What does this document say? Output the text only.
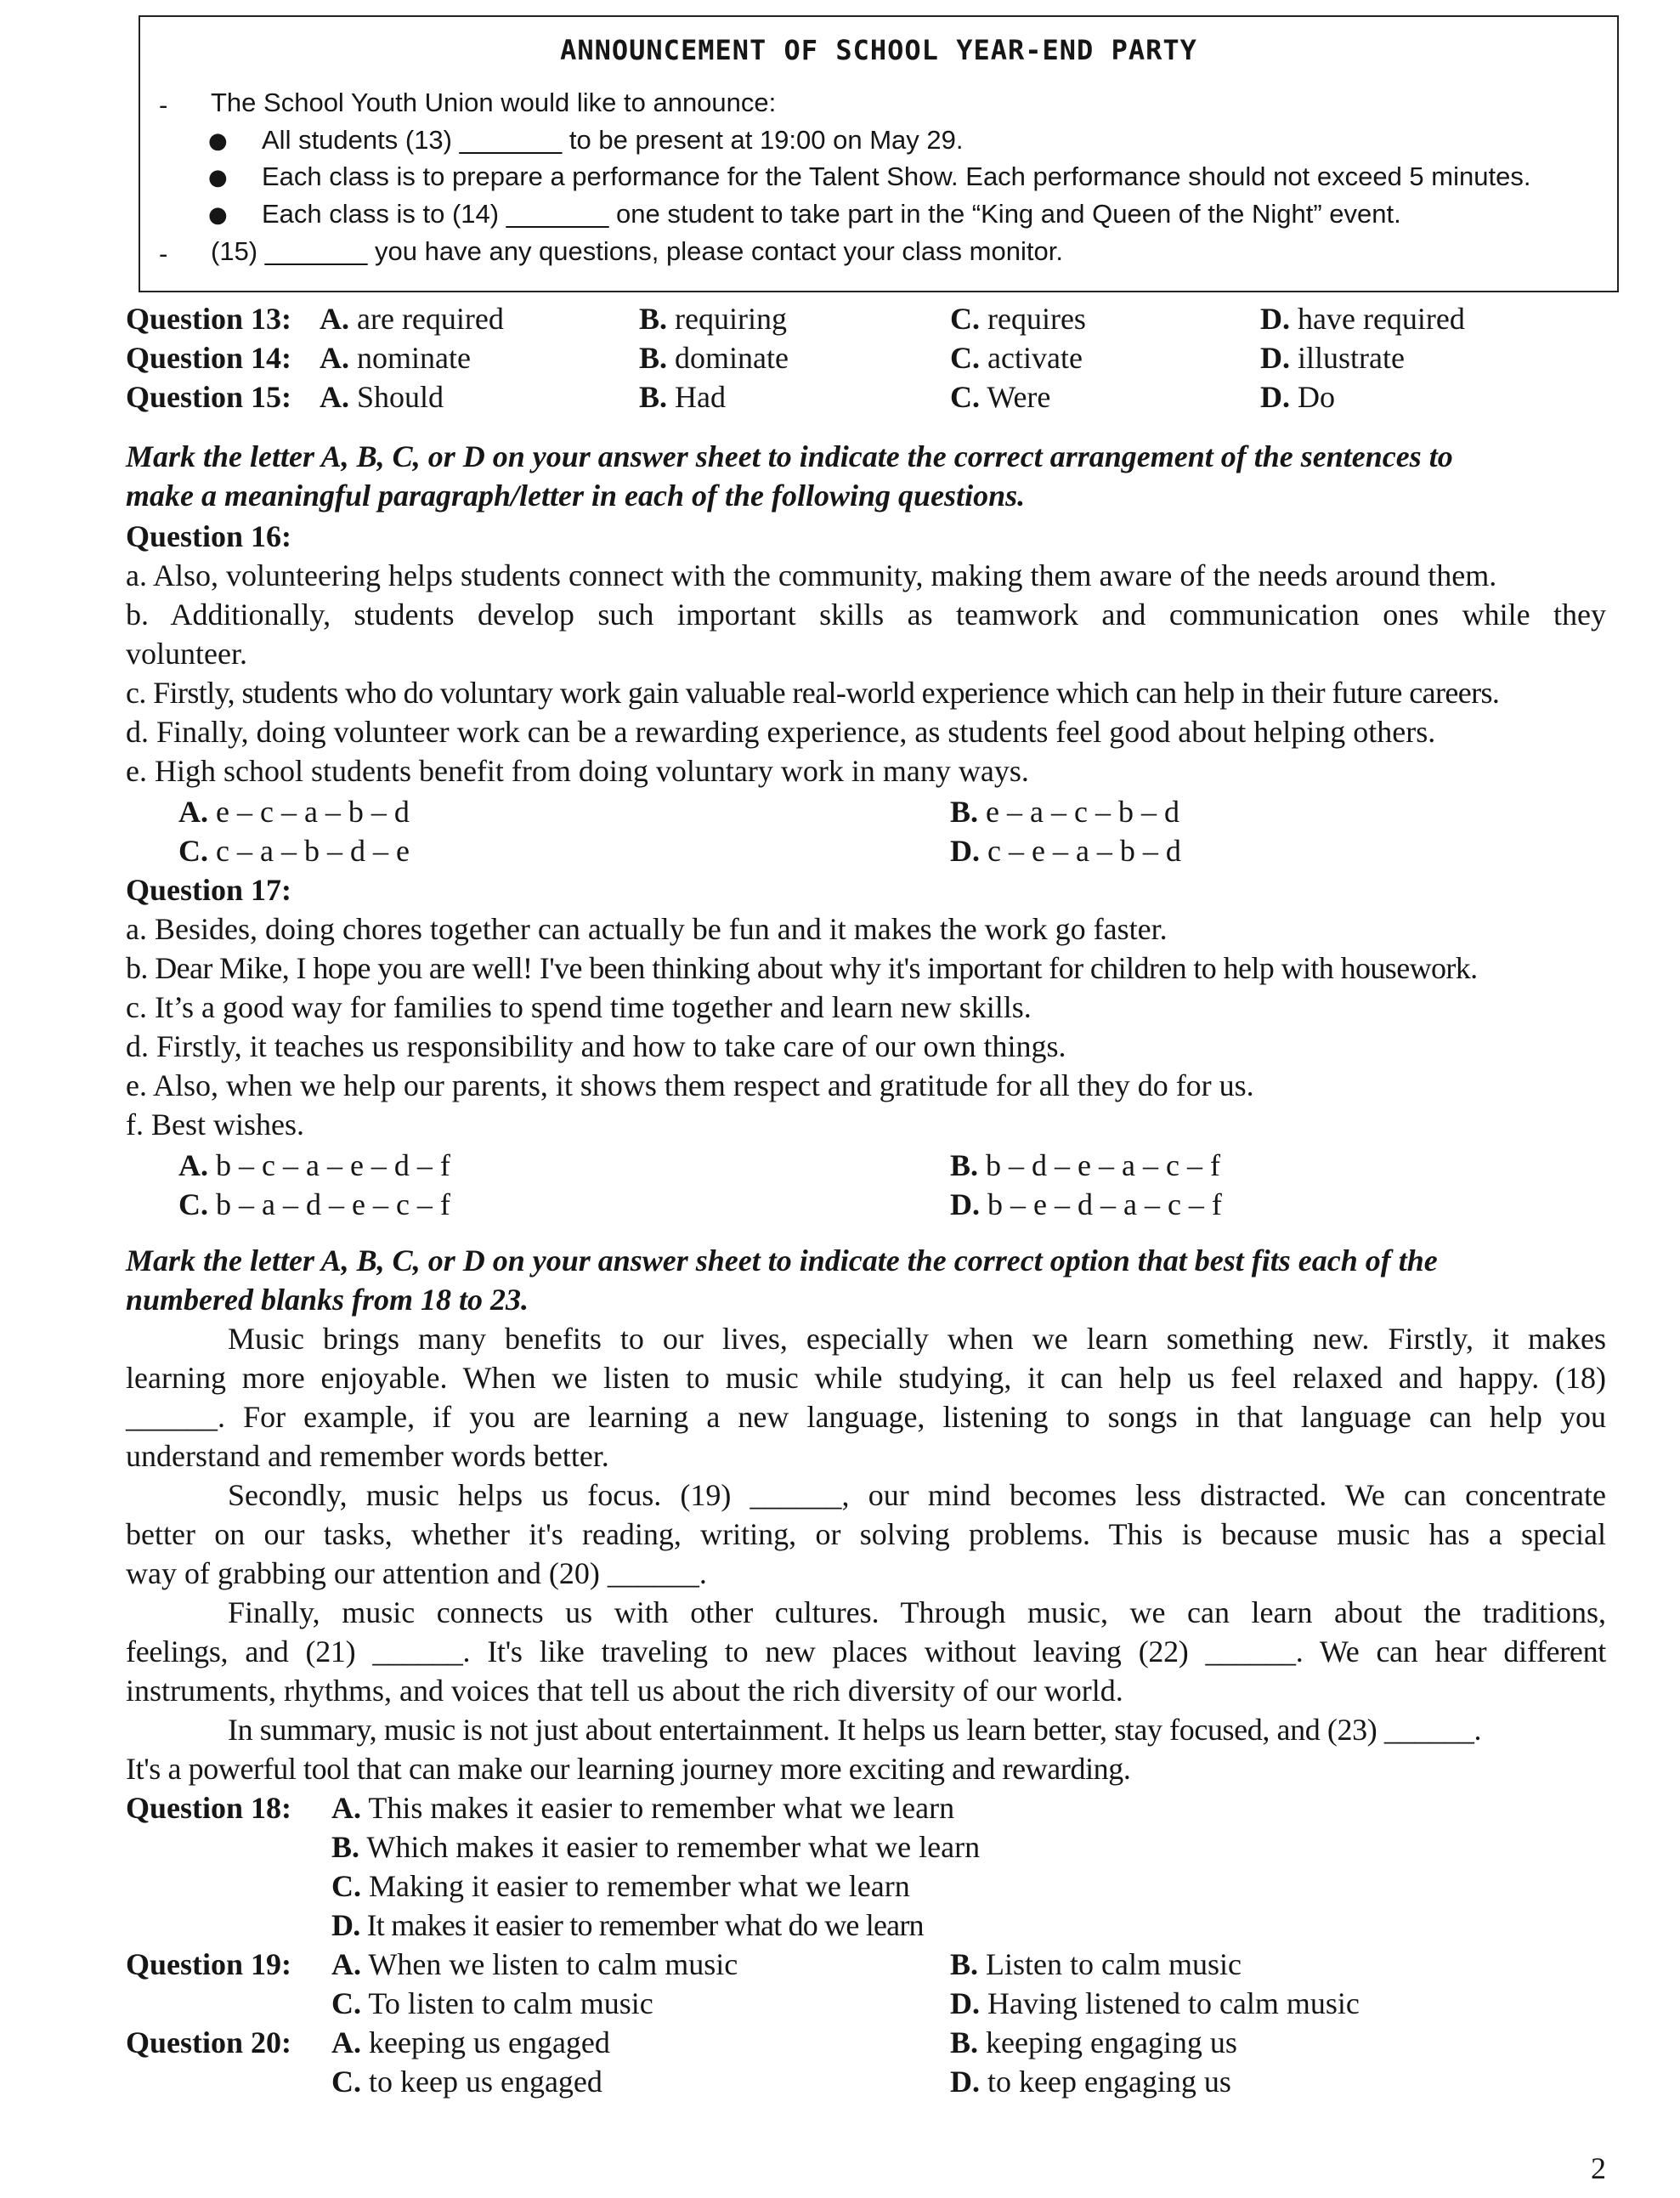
ANNOUNCEMENT OF SCHOOL YEAR-END PARTY
- The School Youth Union would like to announce:
● All students (13) _______ to be present at 19:00 on May 29.
● Each class is to prepare a performance for the Talent Show. Each performance should not exceed 5 minutes.
● Each class is to (14) _______ one student to take part in the “King and Queen of the Night” event.
- (15) _______ you have any questions, please contact your class monitor.
Question 13: A. are required	B. requiring	C. requires	D. have required
Question 14: A. nominate	B. dominate	C. activate	D. illustrate
Question 15: A. Should	B. Had	C. Were	D. Do
Mark the letter A, B, C, or D on your answer sheet to indicate the correct arrangement of the sentences to
make a meaningful paragraph/letter in each of the following questions.
Question 16:
a. Also, volunteering helps students connect with the community, making them aware of the needs around them.
b. Additionally, students develop such important skills as teamwork and communication ones while they
volunteer.
c. Firstly, students who do voluntary work gain valuable real-world experience which can help in their future careers.
d. Finally, doing volunteer work can be a rewarding experience, as students feel good about helping others.
e. High school students benefit from doing voluntary work in many ways.
A. e – c – a – b – d	B. e – a – c – b – d
C. c – a – b – d – e	D. c – e – a – b – d
Question 17:
a. Besides, doing chores together can actually be fun and it makes the work go faster.
b. Dear Mike, I hope you are well! I've been thinking about why it's important for children to help with housework.
c. It’s a good way for families to spend time together and learn new skills.
d. Firstly, it teaches us responsibility and how to take care of our own things.
e. Also, when we help our parents, it shows them respect and gratitude for all they do for us.
f. Best wishes.
A. b – c – a – e – d – f	B. b – d – e – a – c – f
C. b – a – d – e – c – f	D. b – e – d – a – c – f
Mark the letter A, B, C, or D on your answer sheet to indicate the correct option that best fits each of the
numbered blanks from 18 to 23.
Music brings many benefits to our lives, especially when we learn something new. Firstly, it makes
learning more enjoyable. When we listen to music while studying, it can help us feel relaxed and happy. (18)
______. For example, if you are learning a new language, listening to songs in that language can help you
understand and remember words better.
Secondly, music helps us focus. (19) ______, our mind becomes less distracted. We can concentrate
better on our tasks, whether it's reading, writing, or solving problems. This is because music has a special
way of grabbing our attention and (20) ______.
Finally, music connects us with other cultures. Through music, we can learn about the traditions,
feelings, and (21) ______. It's like traveling to new places without leaving (22) ______. We can hear different
instruments, rhythms, and voices that tell us about the rich diversity of our world.
In summary, music is not just about entertainment. It helps us learn better, stay focused, and (23) ______.
It's a powerful tool that can make our learning journey more exciting and rewarding.
Question 18: A. This makes it easier to remember what we learn
B. Which makes it easier to remember what we learn
C. Making it easier to remember what we learn
D. It makes it easier to remember what do we learn
Question 19: A. When we listen to calm music	B. Listen to calm music
C. To listen to calm music	D. Having listened to calm music
Question 20: A. keeping us engaged	B. keeping engaging us
C. to keep us engaged	D. to keep engaging us
2
